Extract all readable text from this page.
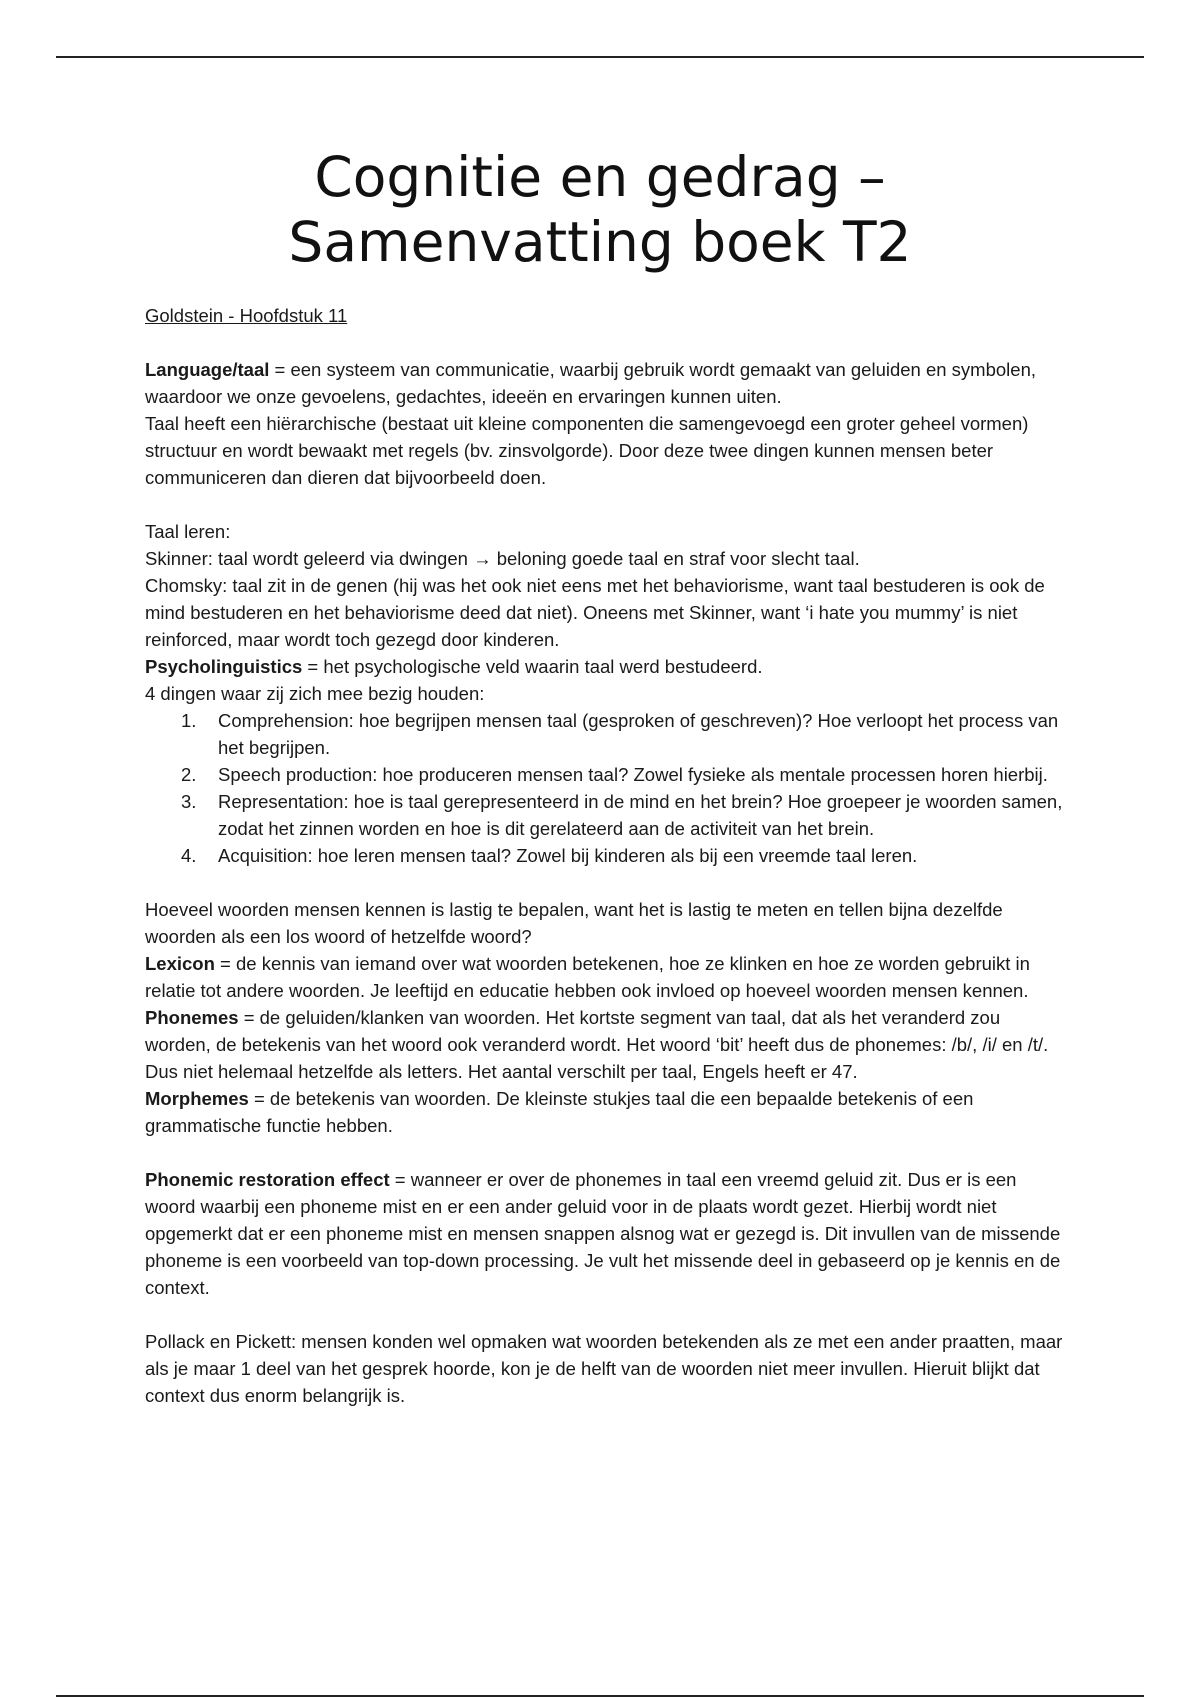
Cognitie en gedrag –
Samenvatting boek T2

Goldstein - Hoofdstuk 11

Language/taal = een systeem van communicatie, waarbij gebruik wordt gemaakt van geluiden en symbolen, waardoor we onze gevoelens, gedachtes, ideeën en ervaringen kunnen uiten.

Taal heeft een hiërarchische (bestaat uit kleine componenten die samengevoegd een groter geheel vormen) structuur en wordt bewaakt met regels (bv. zinsvolgorde). Door deze twee dingen kunnen mensen beter communiceren dan dieren dat bijvoorbeeld doen.

Taal leren:

Skinner: taal wordt geleerd via dwingen → beloning goede taal en straf voor slecht taal.

Chomsky: taal zit in de genen (hij was het ook niet eens met het behaviorisme, want taal bestuderen is ook de mind bestuderen en het behaviorisme deed dat niet). Oneens met Skinner, want ‘i hate you mummy’ is niet reinforced, maar wordt toch gezegd door kinderen.

Psycholinguistics = het psychologische veld waarin taal werd bestudeerd.

4 dingen waar zij zich mee bezig houden:

1. Comprehension: hoe begrijpen mensen taal (gesproken of geschreven)? Hoe verloopt het process van het begrijpen.
2. Speech production: hoe produceren mensen taal? Zowel fysieke als mentale processen horen hierbij.
3. Representation: hoe is taal gerepresenteerd in de mind en het brein? Hoe groepeer je woorden samen, zodat het zinnen worden en hoe is dit gerelateerd aan de activiteit van het brein.
4. Acquisition: hoe leren mensen taal? Zowel bij kinderen als bij een vreemde taal leren.

Hoeveel woorden mensen kennen is lastig te bepalen, want het is lastig te meten en tellen bijna dezelfde woorden als een los woord of hetzelfde woord?

Lexicon = de kennis van iemand over wat woorden betekenen, hoe ze klinken en hoe ze worden gebruikt in relatie tot andere woorden. Je leeftijd en educatie hebben ook invloed op hoeveel woorden mensen kennen.

Phonemes = de geluiden/klanken van woorden. Het kortste segment van taal, dat als het veranderd zou worden, de betekenis van het woord ook veranderd wordt. Het woord ‘bit’ heeft dus de phonemes: /b/, /i/ en /t/. Dus niet helemaal hetzelfde als letters. Het aantal verschilt per taal, Engels heeft er 47.

Morphemes = de betekenis van woorden. De kleinste stukjes taal die een bepaalde betekenis of een grammatische functie hebben.

Phonemic restoration effect = wanneer er over de phonemes in taal een vreemd geluid zit. Dus er is een woord waarbij een phoneme mist en er een ander geluid voor in de plaats wordt gezet. Hierbij wordt niet opgemerkt dat er een phoneme mist en mensen snappen alsnog wat er gezegd is. Dit invullen van de missende phoneme is een voorbeeld van top-down processing. Je vult het missende deel in gebaseerd op je kennis en de context.

Pollack en Pickett: mensen konden wel opmaken wat woorden betekenden als ze met een ander praatten, maar als je maar 1 deel van het gesprek hoorde, kon je de helft van de woorden niet meer invullen. Hieruit blijkt dat context dus enorm belangrijk is.
